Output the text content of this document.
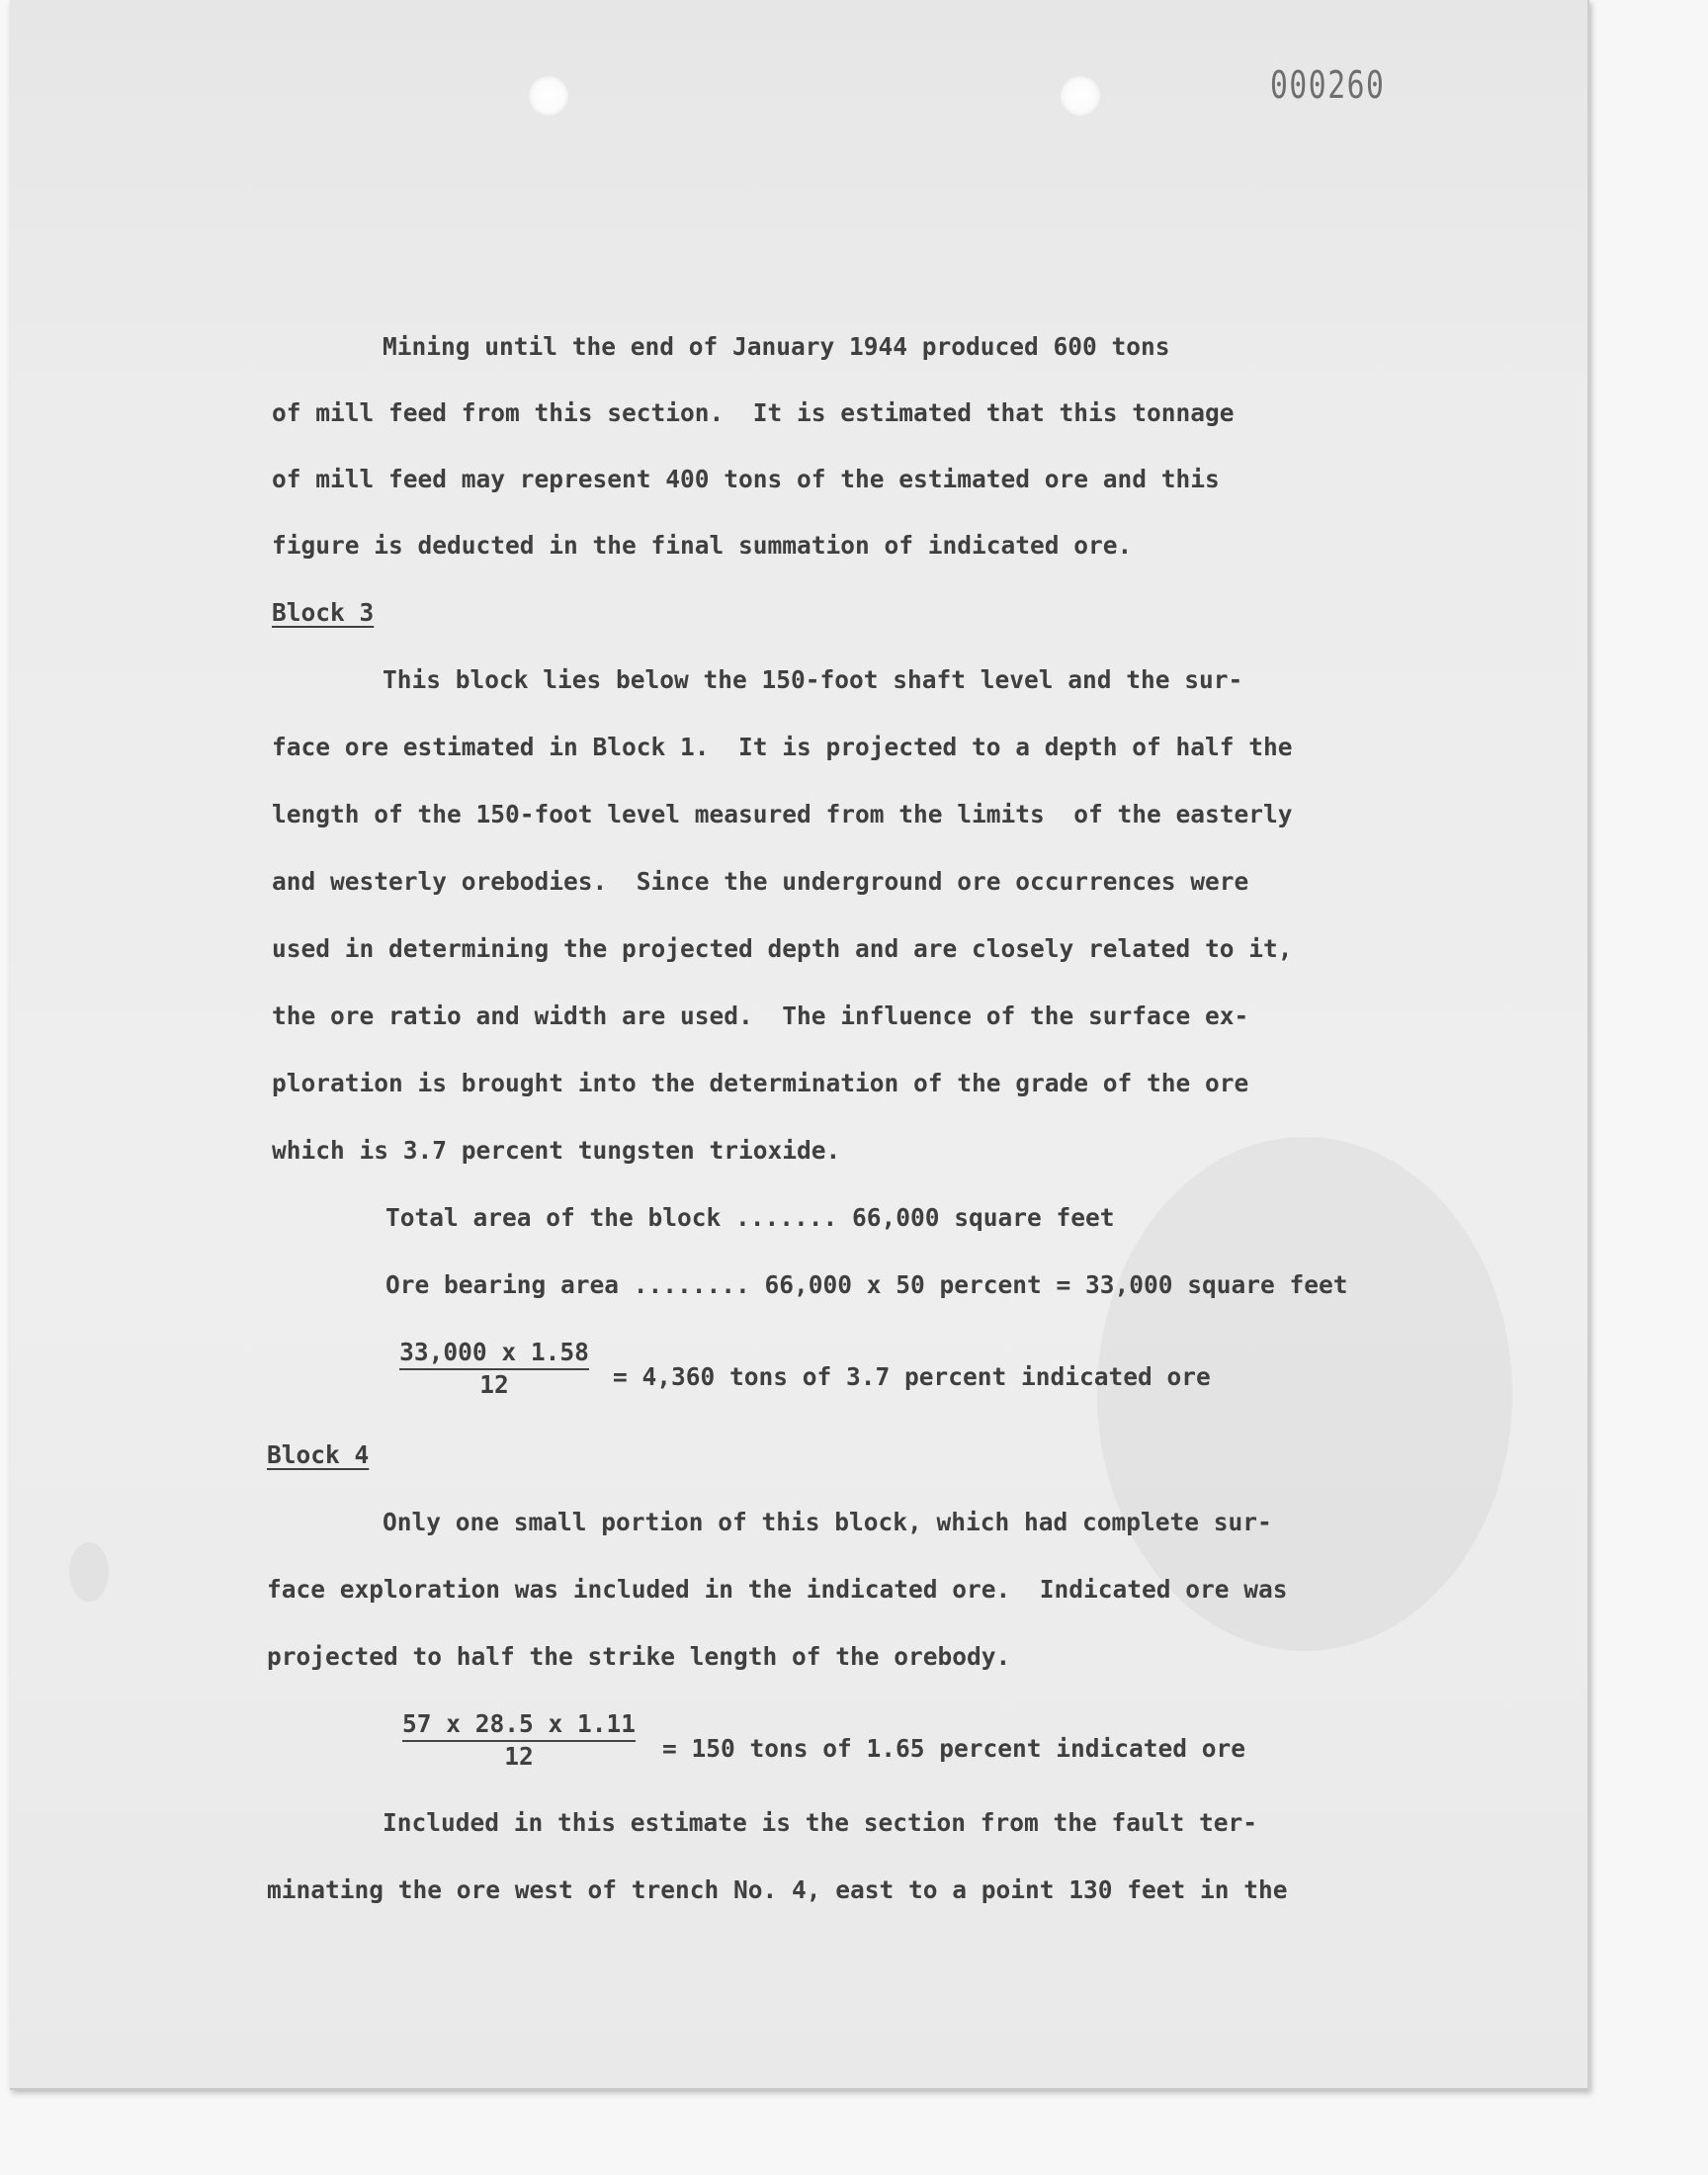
000260

Mining until the end of January 1944 produced 600 tons

of mill feed from this section.  It is estimated that this tonnage

of mill feed may represent 400 tons of the estimated ore and this

figure is deducted in the final summation of indicated ore.

Block 3

This block lies below the 150-foot shaft level and the sur-

face ore estimated in Block 1.  It is projected to a depth of half the

length of the 150-foot level measured from the limits  of the easterly

and westerly orebodies.  Since the underground ore occurrences were

used in determining the projected depth and are closely related to it,

the ore ratio and width are used.  The influence of the surface ex-

ploration is brought into the determination of the grade of the ore

which is 3.7 percent tungsten trioxide.

Total area of the block ....... 66,000 square feet

Ore bearing area ........ 66,000 x 50 percent = 33,000 square feet

$\frac{33,000 x 1.58}{12} = 4,360$ tons of 3.7 percent indicated ore

Block 4

Only one small portion of this block, which had complete sur-

face exploration was included in the indicated ore.  Indicated ore was

projected to half the strike length of the orebody.

$\frac{57 x 28.5 x 1.11}{12} = 150$ tons of 1.65 percent indicated ore

Included in this estimate is the section from the fault ter-

minating the ore west of trench No. 4, east to a point 130 feet in the
